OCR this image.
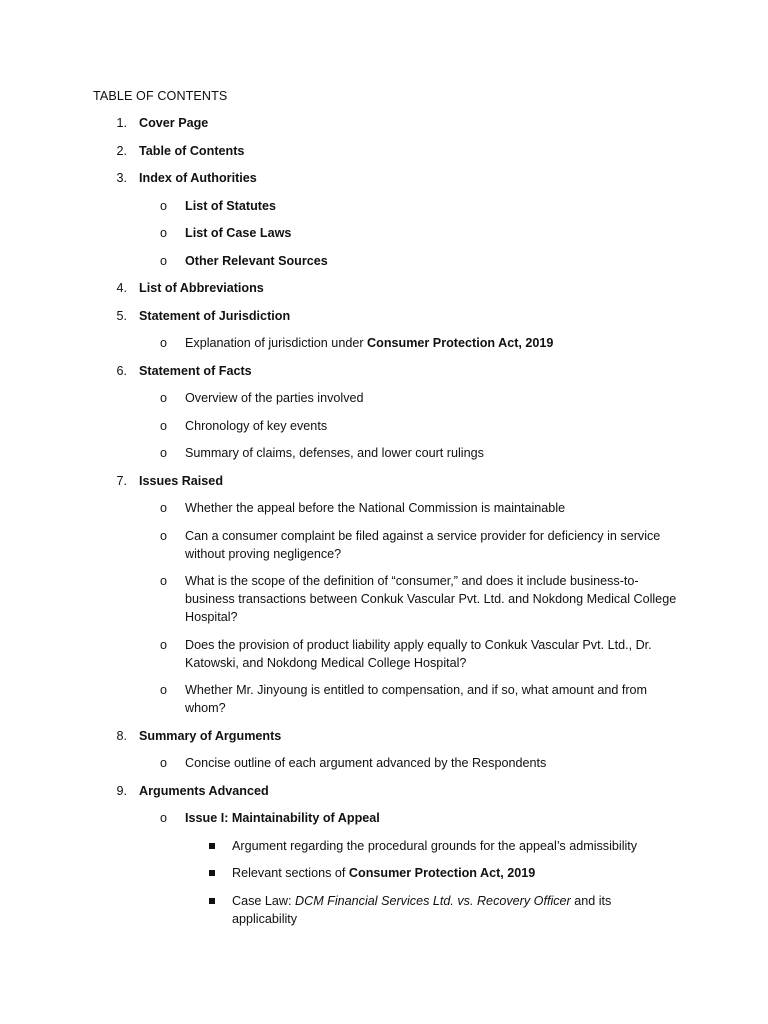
TABLE OF CONTENTS
1. Cover Page
2. Table of Contents
3. Index of Authorities
o List of Statutes
o List of Case Laws
o Other Relevant Sources
4. List of Abbreviations
5. Statement of Jurisdiction
o Explanation of jurisdiction under Consumer Protection Act, 2019
6. Statement of Facts
o Overview of the parties involved
o Chronology of key events
o Summary of claims, defenses, and lower court rulings
7. Issues Raised
o Whether the appeal before the National Commission is maintainable
o Can a consumer complaint be filed against a service provider for deficiency in service without proving negligence?
o What is the scope of the definition of “consumer,” and does it include business-to-business transactions between Conkuk Vascular Pvt. Ltd. and Nokdong Medical College Hospital?
o Does the provision of product liability apply equally to Conkuk Vascular Pvt. Ltd., Dr. Katowski, and Nokdong Medical College Hospital?
o Whether Mr. Jinyoung is entitled to compensation, and if so, what amount and from whom?
8. Summary of Arguments
o Concise outline of each argument advanced by the Respondents
9. Arguments Advanced
o Issue I: Maintainability of Appeal
Argument regarding the procedural grounds for the appeal’s admissibility
Relevant sections of Consumer Protection Act, 2019
Case Law: DCM Financial Services Ltd. vs. Recovery Officer and its applicability
